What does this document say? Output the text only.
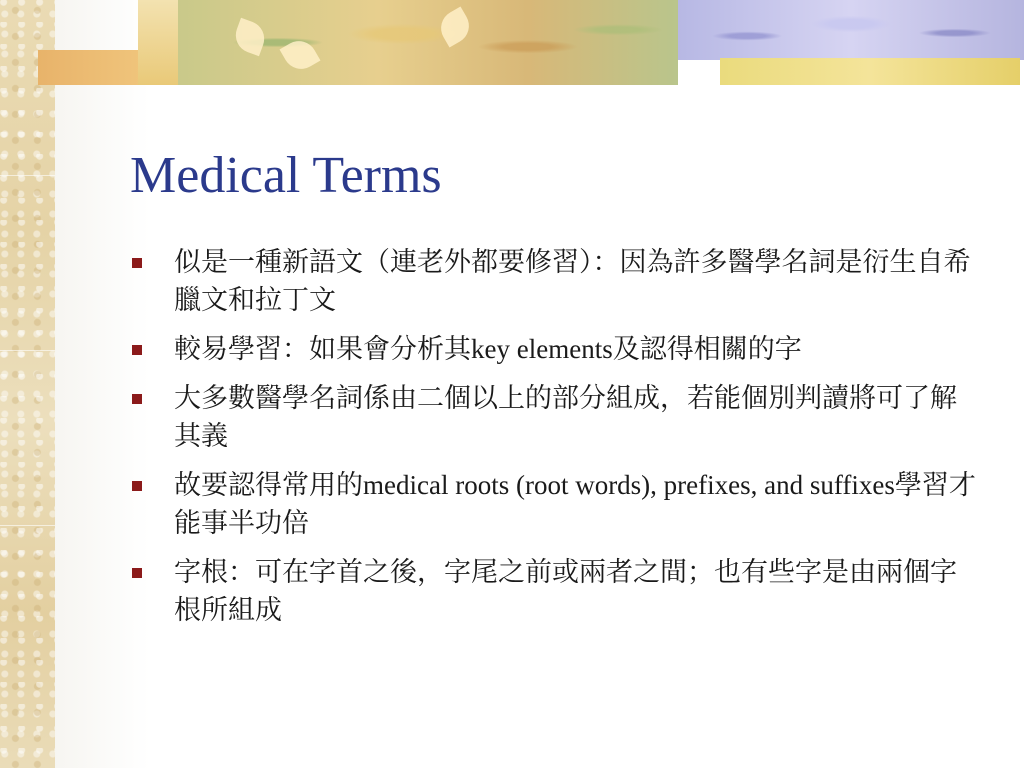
Medical Terms
似是一種新語文（連老外都要修習）：因為許多醫學名詞是衍生自希臘文和拉丁文
較易學習：如果會分析其key elements及認得相關的字
大多數醫學名詞係由二個以上的部分組成，若能個別判讀將可了解其義
故要認得常用的medical roots (root words), prefixes, and suffixes學習才能事半功倍
字根：可在字首之後，字尾之前或兩者之間；也有些字是由兩個字根所組成
